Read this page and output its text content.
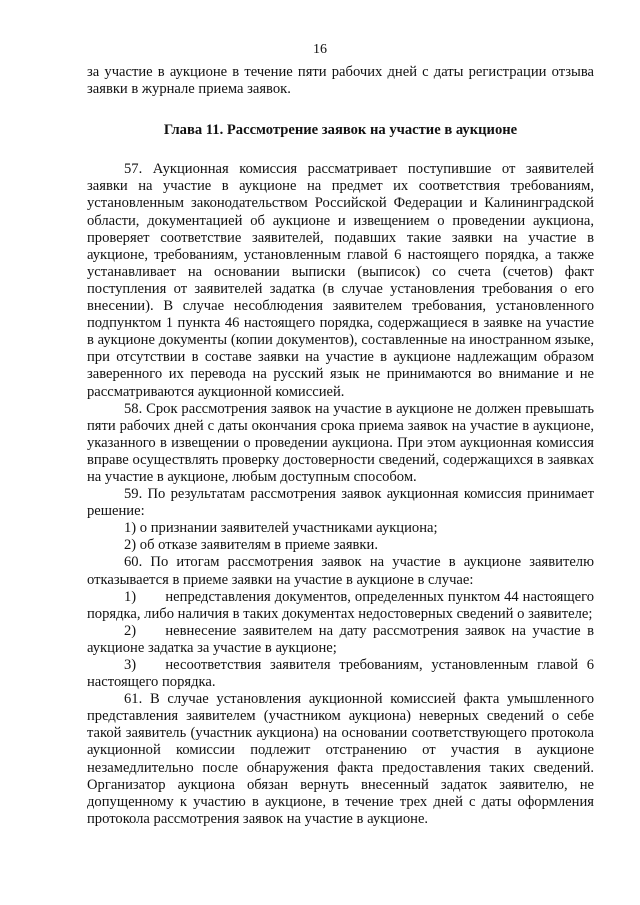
16

за участие в аукционе в течение пяти рабочих дней с даты регистрации отзыва заявки в журнале приема заявок.

Глава 11. Рассмотрение заявок на участие в аукционе

57. Аукционная комиссия рассматривает поступившие от заявителей заявки на участие в аукционе на предмет их соответствия требованиям, установленным законодательством Российской Федерации и Калининградской области, документацией об аукционе и извещением о проведении аукциона, проверяет соответствие заявителей, подавших такие заявки на участие в аукционе, требованиям, установленным главой 6 настоящего порядка, а также устанавливает на основании выписки (выписок) со счета (счетов) факт поступления от заявителей задатка (в случае установления требования о его внесении). В случае несоблюдения заявителем требования, установленного подпунктом 1 пункта 46 настоящего порядка, содержащиеся в заявке на участие в аукционе документы (копии документов), составленные на иностранном языке, при отсутствии в составе заявки на участие в аукционе надлежащим образом заверенного их перевода на русский язык не принимаются во внимание и не рассматриваются аукционной комиссией.

58. Срок рассмотрения заявок на участие в аукционе не должен превышать пяти рабочих дней с даты окончания срока приема заявок на участие в аукционе, указанного в извещении о проведении аукциона. При этом аукционная комиссия вправе осуществлять проверку достоверности сведений, содержащихся в заявках на участие в аукционе, любым доступным способом.

59. По результатам рассмотрения заявок аукционная комиссия принимает решение:

1) о признании заявителей участниками аукциона;

2) об отказе заявителям в приеме заявки.

60. По итогам рассмотрения заявок на участие в аукционе заявителю отказывается в приеме заявки на участие в аукционе в случае:

1)  непредставления документов, определенных пунктом 44 настоящего порядка, либо наличия в таких документах недостоверных сведений о заявителе;

2)  невнесение заявителем на дату рассмотрения заявок на участие в аукционе задатка за участие в аукционе;

3)  несоответствия заявителя требованиям, установленным главой 6 настоящего порядка.

61. В случае установления аукционной комиссией факта умышленного представления заявителем (участником аукциона) неверных сведений о себе такой заявитель (участник аукциона) на основании соответствующего протокола аукционной комиссии подлежит отстранению от участия в аукционе незамедлительно после обнаружения факта предоставления таких сведений. Организатор аукциона обязан вернуть внесенный задаток заявителю, не допущенному к участию в аукционе, в течение трех дней с даты оформления протокола рассмотрения заявок на участие в аукционе.
